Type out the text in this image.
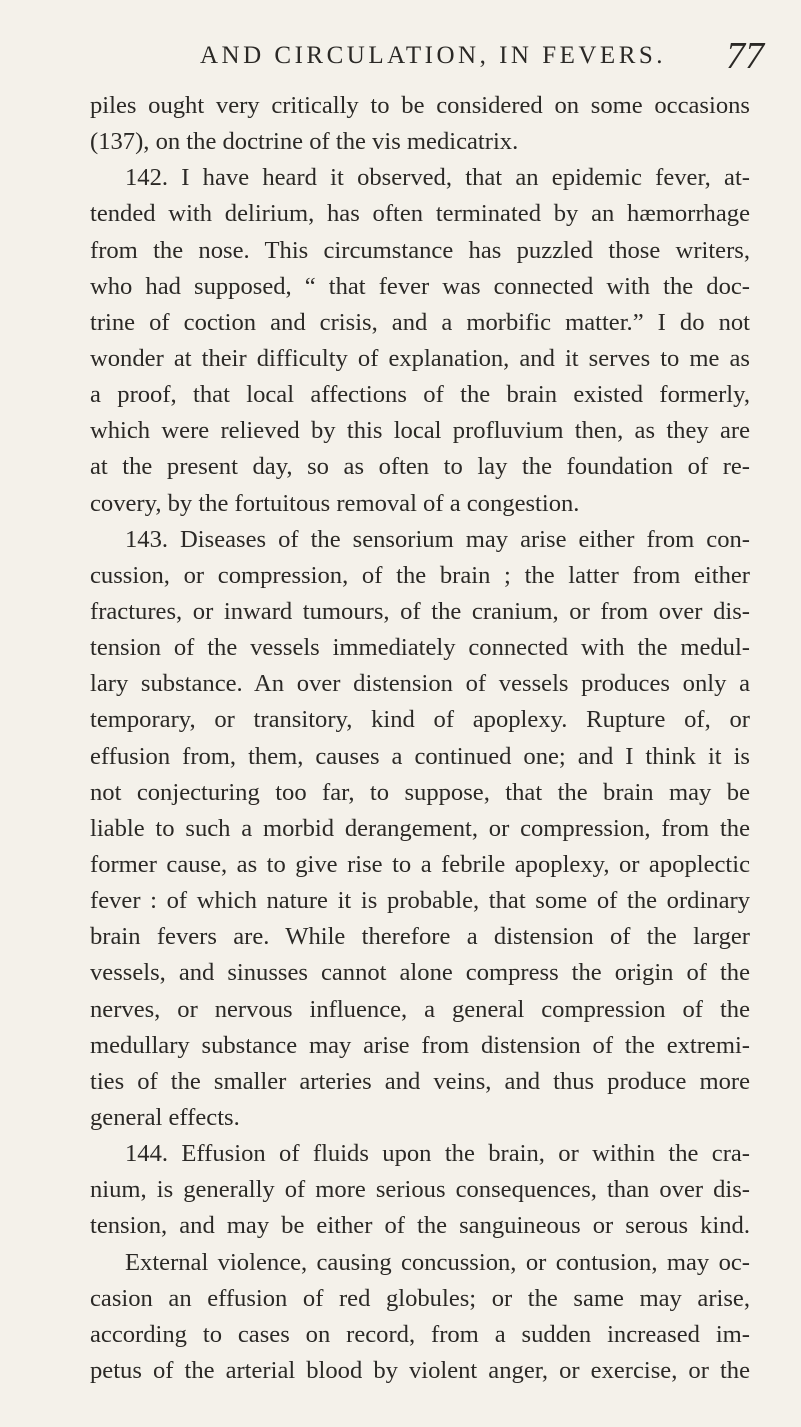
AND CIRCULATION, IN FEVERS. 77
piles ought very critically to be considered on some occasions
(137), on the doctrine of the vis medicatrix.
142. I have heard it observed, that an epidemic fever, at-
tended with delirium, has often terminated by an hæmorrhage
from the nose. This circumstance has puzzled those writers,
who had supposed, “ that fever was connected with the doc-
trine of coction and crisis, and a morbific matter.” I do not
wonder at their difficulty of explanation, and it serves to me as
a proof, that local affections of the brain existed formerly,
which were relieved by this local profluvium then, as they are
at the present day, so as often to lay the foundation of re-
covery, by the fortuitous removal of a congestion.
143. Diseases of the sensorium may arise either from con-
cussion, or compression, of the brain ; the latter from either
fractures, or inward tumours, of the cranium, or from over dis-
tension of the vessels immediately connected with the medul-
lary substance. An over distension of vessels produces only a
temporary, or transitory, kind of apoplexy. Rupture of, or
effusion from, them, causes a continued one; and I think it is
not conjecturing too far, to suppose, that the brain may be
liable to such a morbid derangement, or compression, from the
former cause, as to give rise to a febrile apoplexy, or apoplectic
fever : of which nature it is probable, that some of the ordinary
brain fevers are. While therefore a distension of the larger
vessels, and sinusses cannot alone compress the origin of the
nerves, or nervous influence, a general compression of the
medullary substance may arise from distension of the extremi-
ties of the smaller arteries and veins, and thus produce more
general effects.
144. Effusion of fluids upon the brain, or within the cra-
nium, is generally of more serious consequences, than over dis-
tension, and may be either of the sanguineous or serous kind.
External violence, causing concussion, or contusion, may oc-
casion an effusion of red globules; or the same may arise,
according to cases on record, from a sudden increased im-
petus of the arterial blood by violent anger, or exercise, or the
